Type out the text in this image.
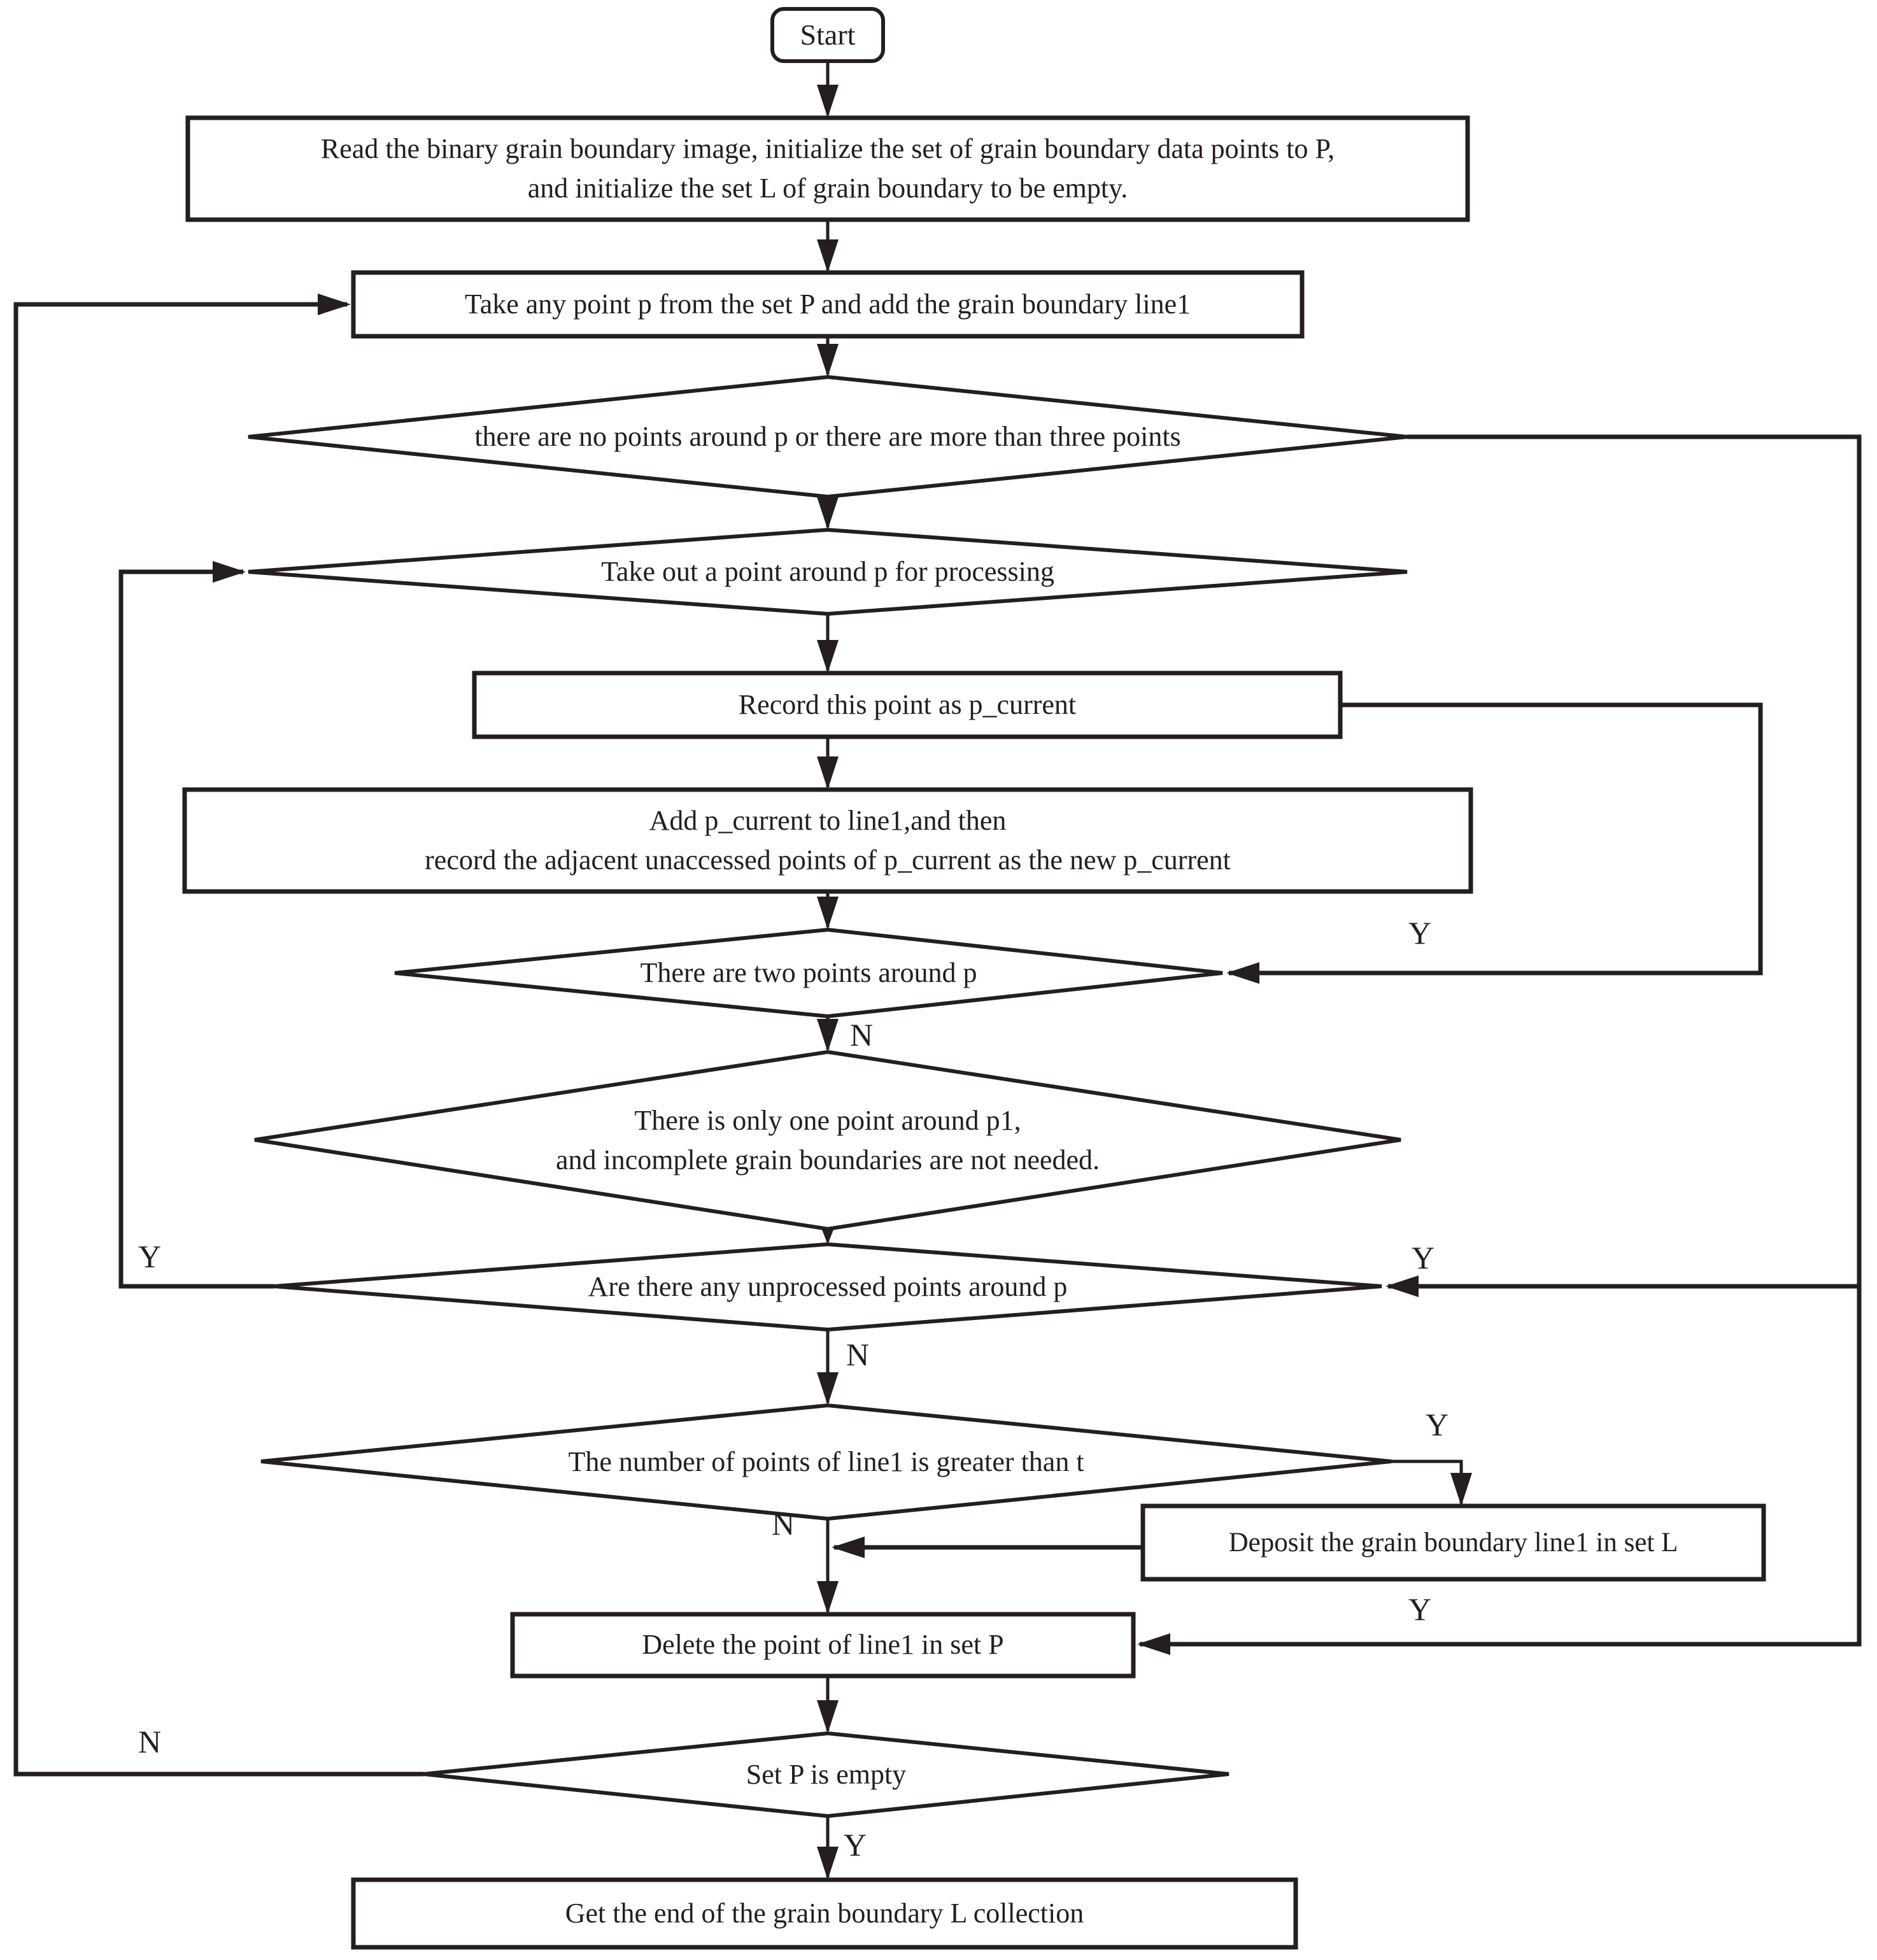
Start
Read the binary grain boundary image, initialize the set of grain boundary data points to P,
and initialize the set L of grain boundary to be empty.
Take any point p from the set P and add the grain boundary line1
there are no points around p or there are more than three points
Take out a point around p for processing
Record this point as p_current
Add p_current to line1,and then
record the adjacent unaccessed points of p_current as the new p_current
There are two points around p
There is only one point around p1,
and incomplete grain boundaries are not needed.
Are there any unprocessed points around p
The number of points of line1 is greater than t
Deposit the grain boundary line1 in set L
Delete the point of line1 in set P
Set P is empty
Get the end of the grain boundary L collection
Y
N
Y	Y
N
Y
N
Y
N
Y
